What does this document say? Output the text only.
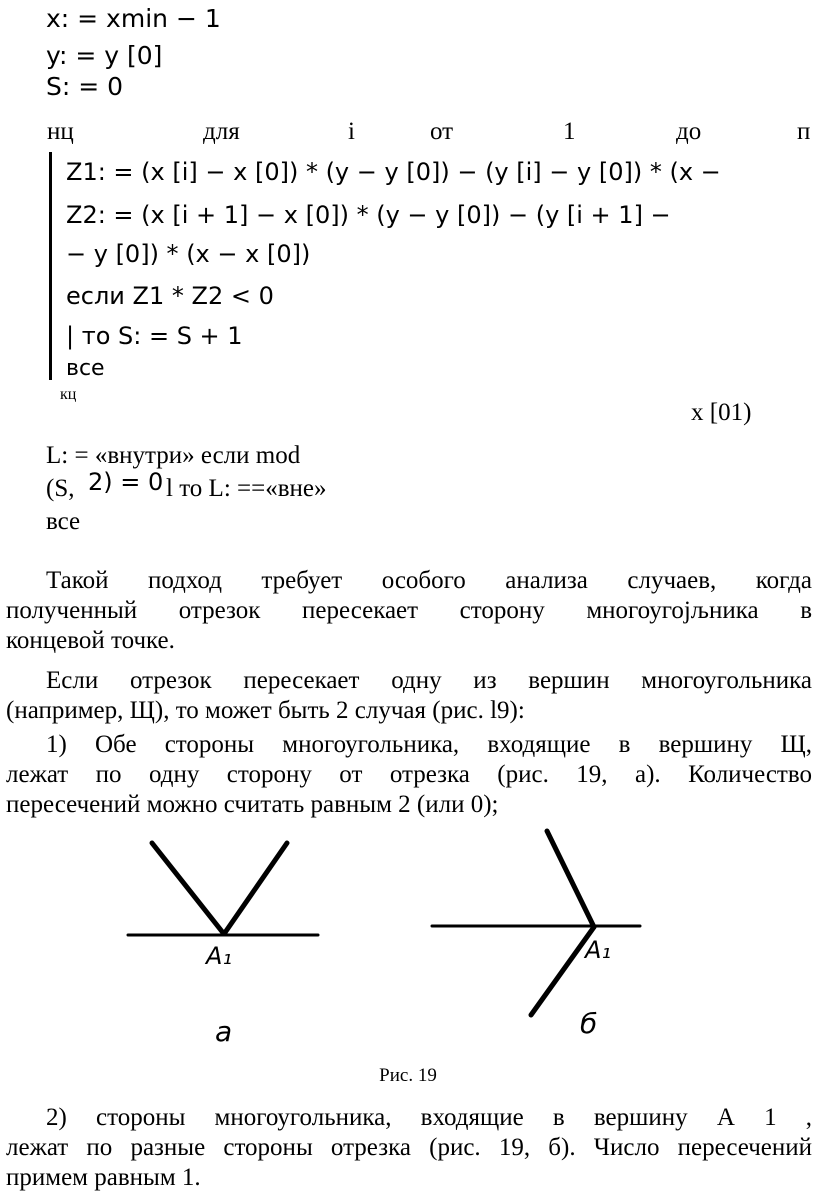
x: = xmin − 1
y: = y [0]
S: = 0
нц	для	i	от	1	до	п
Z1: = (x [i] − x [0]) * (y − y [0]) − (y [i] − y [0]) * (x −
Z2: = (x [i + 1] − x [0]) * (y − y [0]) − (y [i + 1] −
− y [0]) * (x − x [0])
если Z1 * Z2 < 0
| то S: = S + 1
все
кц
x [01)
L: = «внутри» если mod
(S, 2) = 0 l то L: ==«вне»
все
Такой подход требует особого анализа случаев, когда
полученный отрезок пересекает сторону многоугојљника в
концевой точке.
Если отрезок пересекает одну из вершин многоугольника
(например, Щ), то может быть 2 случая (рис. l9):
1) Обе стороны многоугольника, входящие в вершину Щ,
лежат по одну сторону от отрезка (рис. 19, а). Количество
пересечений можно считать равным 2 (или 0);
A₁	A₁
а	б
Рис. 19
2) стороны многоугольника, входящие в вершину А 1 ,
лежат по разные стороны отрезка (рис. 19, б). Число пересечений
примем равным 1.
